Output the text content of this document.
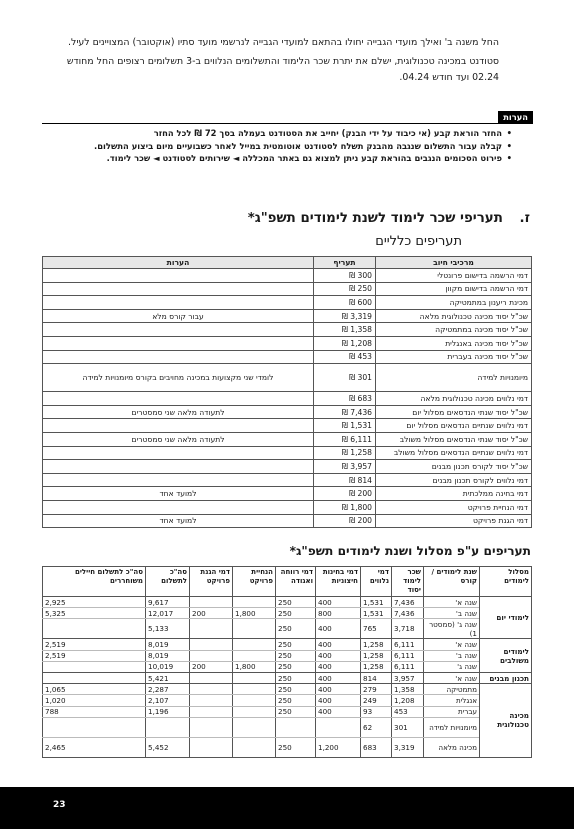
החל משנה ב' ואילך מועדי הגבייה יחולו בהתאם למועדי הגבייה לנרשמי מועד סתיו (אוקטובר) המצויינים לעיל.

סטודנט במכינה טכנולוגית, ישלם את יתרת שכר הלימוד והתשלומים הנלווים ב-3 תשלומים רצופים החל מחודש 02.24 ועד חודש 04.24.

הערות
• החזר הוראת קבע (אי כיבוד על ידי הבנק) יחייב את הסטודנט בעמלה בסך 72 ₪ לכל החזר
• קבלה עבור התשלום שנגבה מהבנק תשלח לסטודנט אוטומטית במייל לאחר כשבועיים מיום ביצוע התשלום.
• פירוט הסכומים הנגבים בהוראת קבע ניתן למצוא גם באתר המכללה ◄ שירותים לסטודנט ◄ שכר לימוד.
ז. תעריפי שכר לימוד לשנת לימודים תשפ"ג*
תעריפים כלליים
מרכיבי חיוב	תעריף	הערות
דמי הרשמה בדישום פרונטלי	300 ₪	
דמי הרשמה בדישום מקוון	250 ₪	
מכינת ריענון במתמטיקה	600 ₪	
שכ"ל יסוד מכינה טכנולוגית מלאה	3,319 ₪	עבור קורס מלא
שכ"ל יסוד מכינה במתמטיקה	1,358 ₪	
שכ"ל יסוד מכינה באנגלית	1,208 ₪	
שכ"ל יסוד מכינה בעברית	453 ₪	
מיומנויות למידה	301 ₪	לומדי שני מקצועות במכינה מחויבים בקורס מיומנויות למידה
דמי נלווים מכינה טכנולוגית מלאה	683 ₪	
שכ"ל יסוד שנתי הנדסאים מסלול יום	7,436 ₪	לתעודה מלאה שני סמסטרים
דמי נלווים שנתיים הנדסאים מסלול יום	1,531 ₪	
שכ"ל יסוד שנתי הנדסאים מסלול משולב	6,111 ₪	לתעודה מלאה שני סמסטרים
דמי נלווים שנתיים הנדסאים מסלול משולב	1,258 ₪	
שכ"ל יסוד לקורס תכנון מבנים	3,957 ₪	
דמי נלווים לקורס תכנון מבנים	814 ₪	
דמי בחינה ממלכתית	200 ₪	למועד אחד
דמי הנחיית פרויקט	1,800 ₪	
דמי הגנת פרויקט	200 ₪	למועד אחד
תעריפים ע"פ מסלול ושנת לימודים תשפ"ג*
מסלול לימודים	שנת לימודים / קורס	שכר לימוד יסוד	דמי נלווים	דמי בחינות חיצוניות	דמי רווחה ואגודה	הנחיית פרויקט	דמי הגנת פרויקט	סה"כ לתשלום	סה"כ לתשלום חיילים משוחררים
לימודי יום	שנה א'	7,436	1,531	400	250			9,617	2,925
	שנה ב'	7,436	1,531	800	250	1,800	200	12,017	5,325
	שנה ג' (סמסטר 1)	3,718	765	400	250			5,133	
לימודים משולבים	שנה א'	6,111	1,258	400	250			8,019	2,519
	שנה ב'	6,111	1,258	400	250			8,019	2,519
	שנה ג'	6,111	1,258	400	250	1,800	200	10,019	
תכנון מבנים	שנה א'	3,957	814	400	250			5,421	
מכינה טכנולוגית	מתמטיקה	1,358	279	400	250			2,287	1,065
	אנגלית	1,208	249	400	250			2,107	1,020
	עברית	453	93	400	250			1,196	788
	מיומנויות למידה	301	62						
	מכינה מלאה	3,319	683	1,200	250			5,452	2,465
23
